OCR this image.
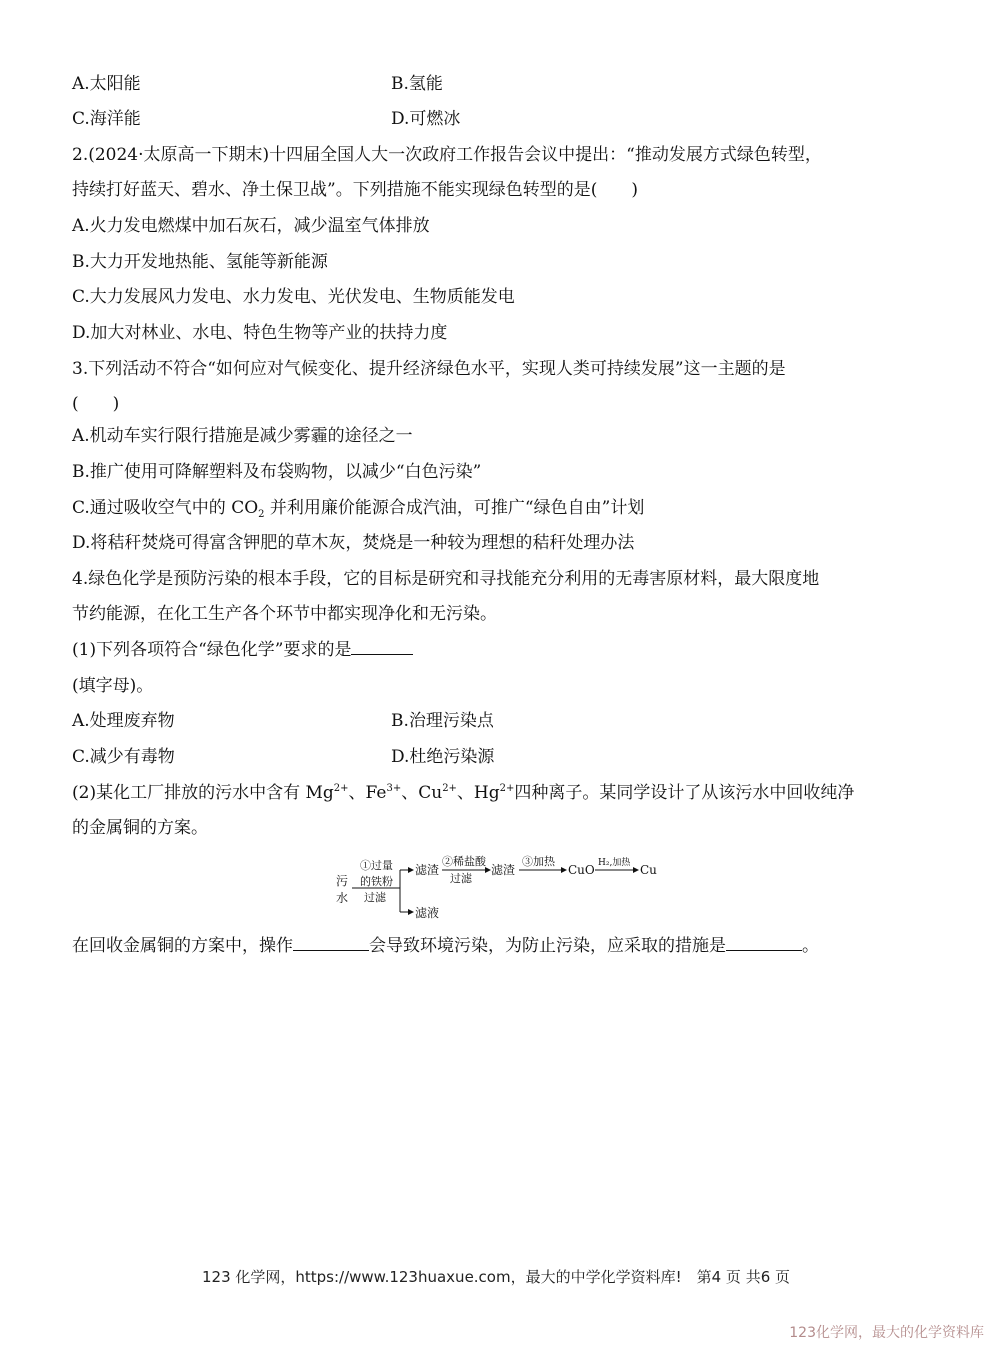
A.太阳能	B.氢能
C.海洋能	D.可燃冰
2.(2024·太原高一下期末)十四届全国人大一次政府工作报告会议中提出：“推动发展方式绿色转型，
持续打好蓝天、碧水、净土保卫战”。下列措施不能实现绿色转型的是(　　)
A.火力发电燃煤中加石灰石，减少温室气体排放
B.大力开发地热能、氢能等新能源
C.大力发展风力发电、水力发电、光伏发电、生物质能发电
D.加大对林业、水电、特色生物等产业的扶持力度
3.下列活动不符合“如何应对气候变化、提升经济绿色水平，实现人类可持续发展”这一主题的是
(　　)
A.机动车实行限行措施是减少雾霾的途径之一
B.推广使用可降解塑料及布袋购物，以减少“白色污染”
C.通过吸收空气中的 $CO_2$ 并利用廉价能源合成汽油，可推广“绿色自由”计划
D.将秸秆焚烧可得富含钾肥的草木灰，焚烧是一种较为理想的秸秆处理办法
4.绿色化学是预防污染的根本手段，它的目标是研究和寻找能充分利用的无毒害原材料，最大限度地
节约能源，在化工生产各个环节中都实现净化和无污染。
(1)下列各项符合“绿色化学”要求的是
(填字母)。
A.处理废弃物	B.治理污染点
C.减少有毒物	D.杜绝污染源
(2)某化工厂排放的污水中含有 $Mg^{2+}$、$Fe^{3+}$、$Cu^{2+}$、$Hg^{2+}$四种离子。某同学设计了从该污水中回收纯净
的金属铜的方案。
污
水
①过量
的铁粉
过滤
滤渣
滤液
②稀盐酸
过滤
滤渣
③加热
CuO H₂,加热 Cu
在回收金属铜的方案中，操作	会导致环境污染，为防止污染，应采取的措施是	。
123 化学网，https://www.123huaxue.com，最大的中学化学资料库!　第4 页 共6 页
123化学网，最大的化学资料库
